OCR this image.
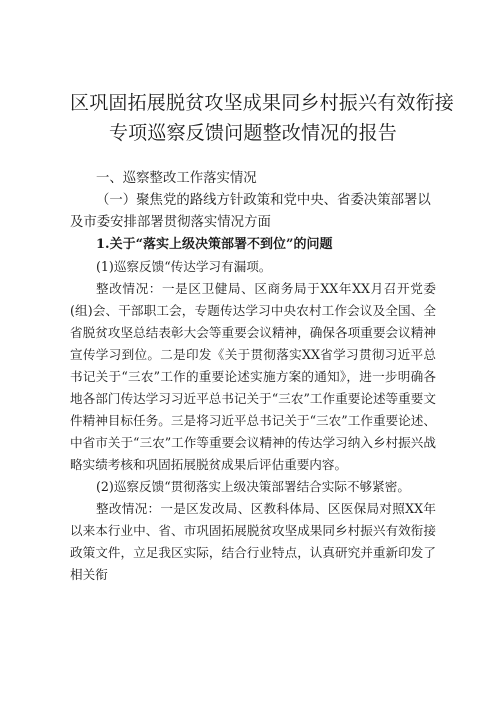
区巩固拓展脱贫攻坚成果同乡村振兴有效衔接

专项巡察反馈问题整改情况的报告

一、巡察整改工作落实情况

（一）聚焦党的路线方针政策和党中央、省委决策部署以及市委安排部署贯彻落实情况方面

1.关于“落实上级决策部署不到位”的问题

(1)巡察反馈“传达学习有漏项。

整改情况：一是区卫健局、区商务局于XX年XX月召开党委(组)会、干部职工会，专题传达学习中央农村工作会议及全国、全省脱贫攻坚总结表彰大会等重要会议精神，确保各项重要会议精神宣传学习到位。二是印发《关于贯彻落实XX省学习贯彻习近平总书记关于“三农”工作的重要论述实施方案的通知》，进一步明确各地各部门传达学习习近平总书记关于“三农”工作重要论述等重要文件精神目标任务。三是将习近平总书记关于“三农”工作重要论述、中省市关于“三农”工作等重要会议精神的传达学习纳入乡村振兴战略实绩考核和巩固拓展脱贫成果后评估重要内容。

(2)巡察反馈“贯彻落实上级决策部署结合实际不够紧密。

整改情况：一是区发改局、区教科体局、区医保局对照XX年以来本行业中、省、市巩固拓展脱贫攻坚成果同乡村振兴有效衔接政策文件，立足我区实际，结合行业特点，认真研究并重新印发了相关衔
